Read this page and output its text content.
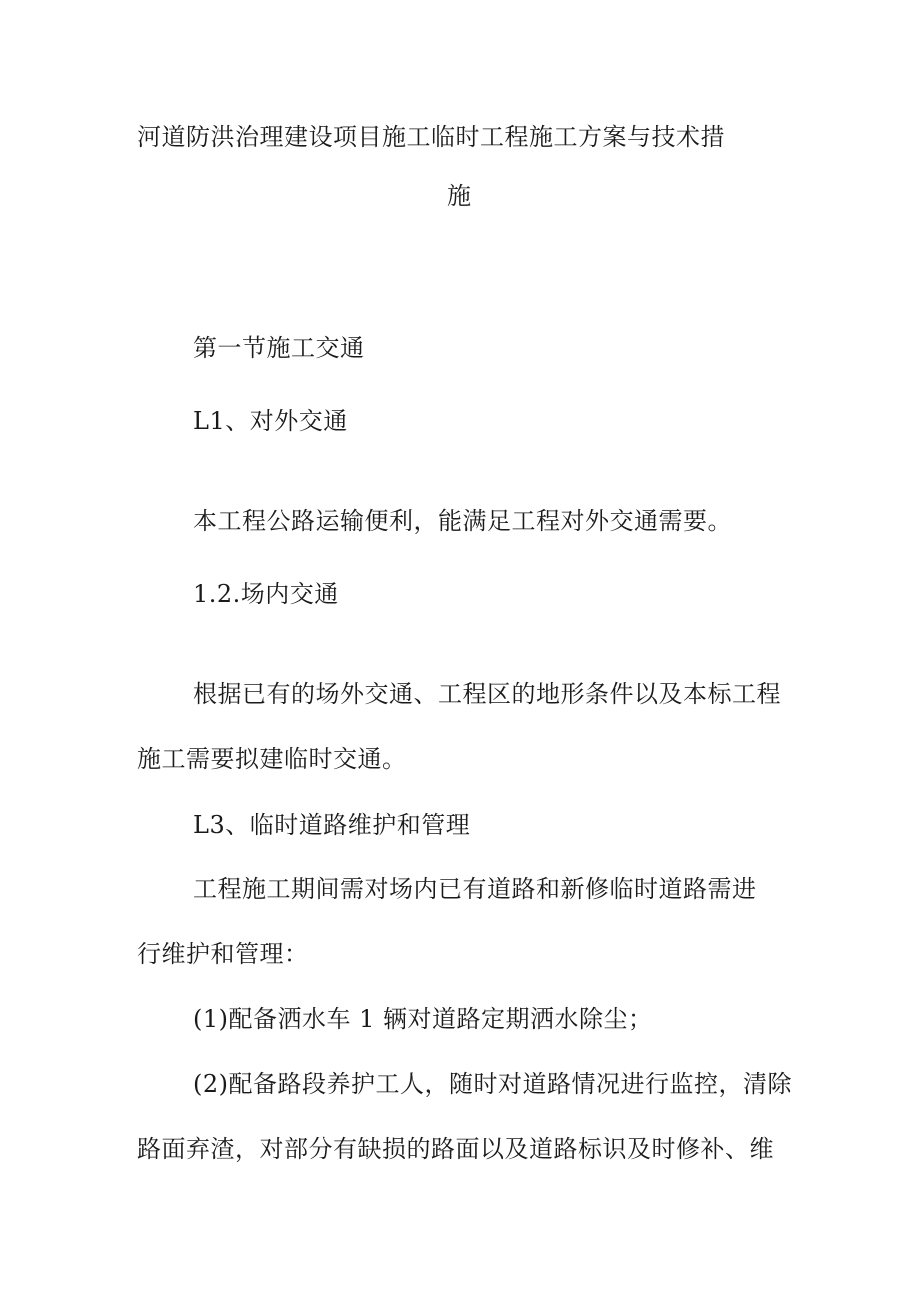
河道防洪治理建设项目施工临时工程施工方案与技术措
施
第一节施工交通
L1、对外交通
本工程公路运输便利，能满足工程对外交通需要。
1.2.场内交通
根据已有的场外交通、工程区的地形条件以及本标工程
施工需要拟建临时交通。
L3、临时道路维护和管理
工程施工期间需对场内已有道路和新修临时道路需进
行维护和管理：
(1)配备洒水车 1 辆对道路定期洒水除尘；
(2)配备路段养护工人，随时对道路情况进行监控，清除
路面弃渣，对部分有缺损的路面以及道路标识及时修补、维
